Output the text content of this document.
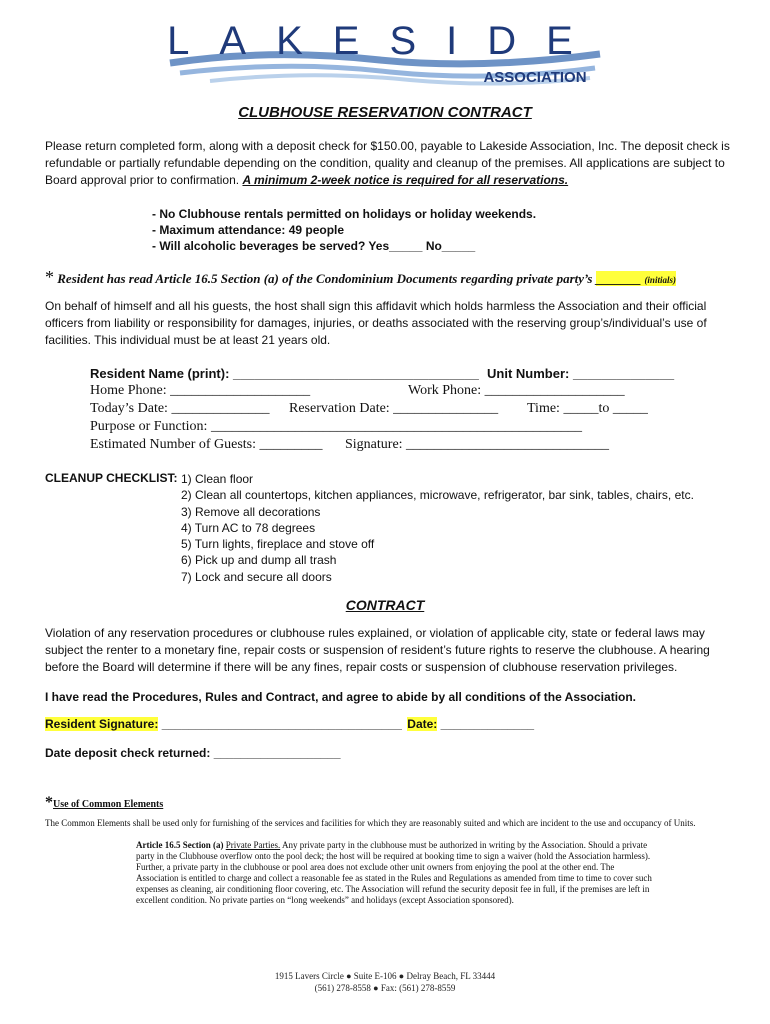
LAKESIDE
ASSOCIATION
CLUBHOUSE RESERVATION CONTRACT
Please return completed form, along with a deposit check for $150.00, payable to Lakeside Association, Inc. The deposit check is refundable or partially refundable depending on the condition, quality and cleanup of the premises. All applications are subject to Board approval prior to confirmation. A minimum 2-week notice is required for all reservations.
- No Clubhouse rentals permitted on holidays or holiday weekends.
- Maximum attendance: 49 people
- Will alcoholic beverages be served? Yes_____ No_____
* Resident has read Article 16.5 Section (a) of the Condominium Documents regarding private party’s _______ (initials)
On behalf of himself and all his guests, the host shall sign this affidavit which holds harmless the Association and their official officers from liability or responsibility for damages, injuries, or deaths associated with the reserving group’s/individual’s use of facilities. This individual must be at least 21 years old.
Resident Name (print): __________________________________ Unit Number: ______________
Home Phone: ____________________	Work Phone: ____________________
Today’s Date: ______________ Reservation Date: _______________ Time: _____to _____
Purpose or Function: _____________________________________________________
Estimated Number of Guests: _________ Signature: _____________________________
CLEANUP CHECKLIST: 1) Clean floor
2) Clean all countertops, kitchen appliances, microwave, refrigerator, bar sink, tables, chairs, etc.
3) Remove all decorations
4) Turn AC to 78 degrees
5) Turn lights, fireplace and stove off
6) Pick up and dump all trash
7) Lock and secure all doors
CONTRACT
Violation of any reservation procedures or clubhouse rules explained, or violation of applicable city, state or federal laws may subject the renter to a monetary fine, repair costs or suspension of resident’s future rights to reserve the clubhouse. A hearing before the Board will determine if there will be any fines, repair costs or suspension of clubhouse reservation privileges.
I have read the Procedures, Rules and Contract, and agree to abide by all conditions of the Association.
Resident Signature: ____________________________________ Date: ______________
Date deposit check returned: ___________________
*Use of Common Elements
The Common Elements shall be used only for furnishing of the services and facilities for which they are reasonably suited and which are incident to the use and occupancy of Units.
Article 16.5 Section (a) Private Parties. Any private party in the clubhouse must be authorized in writing by the Association. Should a private party in the Clubhouse overflow onto the pool deck; the host will be required at booking time to sign a waiver (hold the Association harmless). Further, a private party in the clubhouse or pool area does not exclude other unit owners from enjoying the pool at the other end. The Association is entitled to charge and collect a reasonable fee as stated in the Rules and Regulations as amended from time to time to cover such expenses as cleaning, air conditioning floor covering, etc. The Association will refund the security deposit fee in full, if the premises are left in excellent condition. No private parties on “long weekends” and holidays (except Association sponsored).
1915 Lavers Circle ● Suite E-106 ● Delray Beach, FL 33444
(561) 278-8558 ● Fax: (561) 278-8559
